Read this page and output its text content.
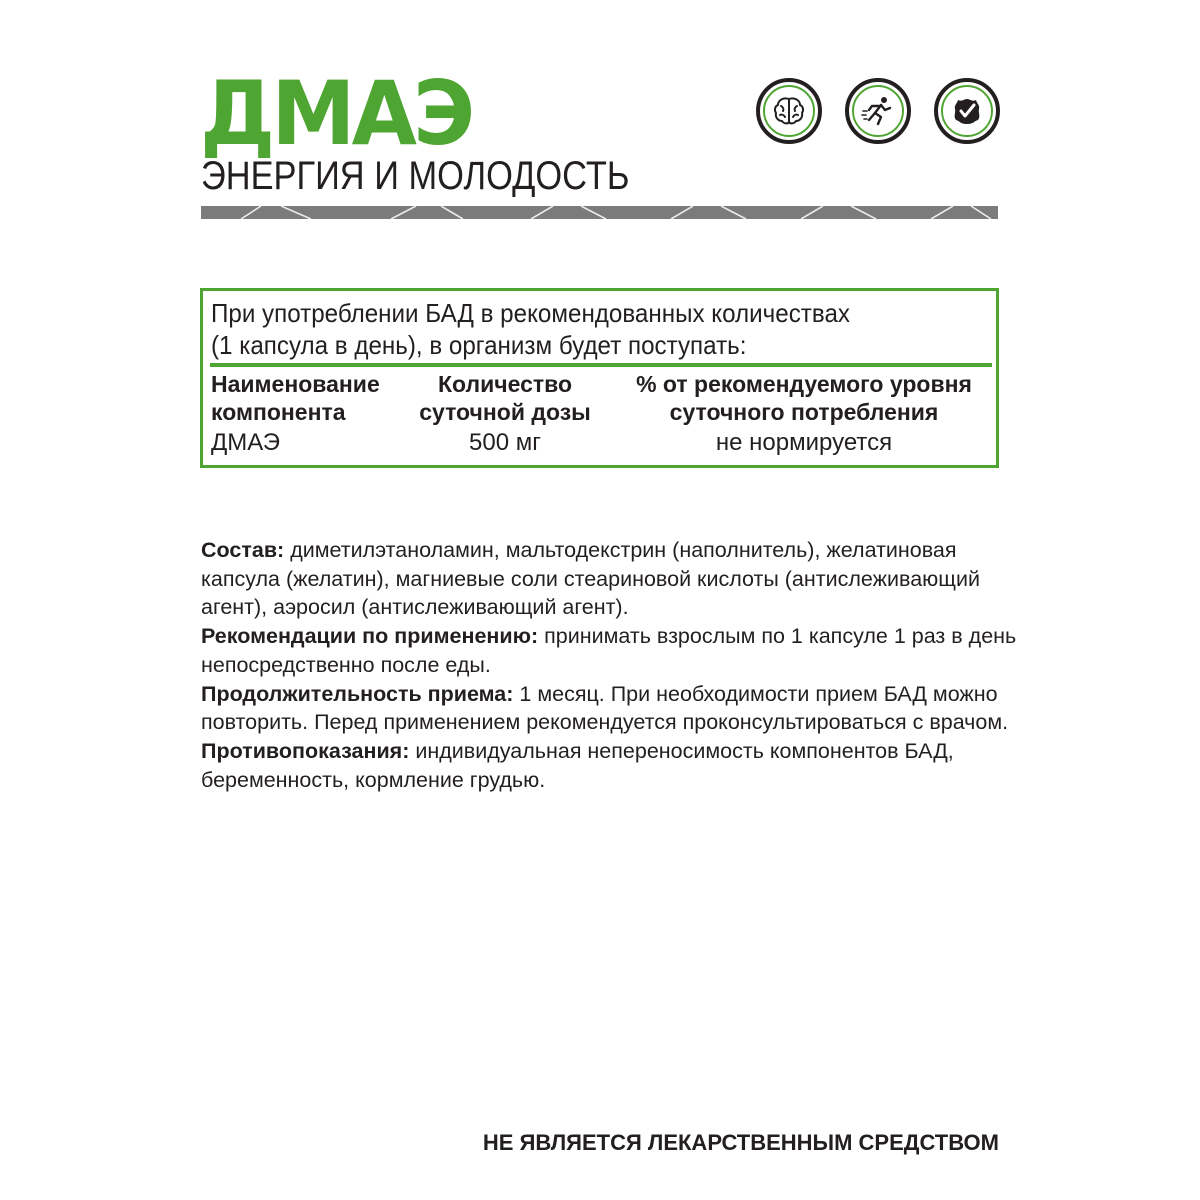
ДМАЭ
ЭНЕРГИЯ И МОЛОДОСТЬ

При употреблении БАД в рекомендованных количествах
(1 капсула в день), в организм будет поступать:

Наименование
компонента
Количество
суточной дозы
% от рекомендуемого уровня
суточного потребления
ДМАЭ	500 мг	не нормируется

Состав: диметилэтаноламин, мальтодекстрин (наполнитель), желатиновая капсула (желатин), магниевые соли стеариновой кислоты (антислеживающий агент), аэросил (антислеживающий агент).

Рекомендации по применению: принимать взрослым по 1 капсуле 1 раз в день непосредственно после еды.

Продолжительность приема: 1 месяц. При необходимости прием БАД можно повторить. Перед применением рекомендуется проконсультироваться с врачом.

Противопоказания: индивидуальная непереносимость компонентов БАД, беременность, кормление грудью.

НЕ ЯВЛЯЕТСЯ ЛЕКАРСТВЕННЫМ СРЕДСТВОМ
